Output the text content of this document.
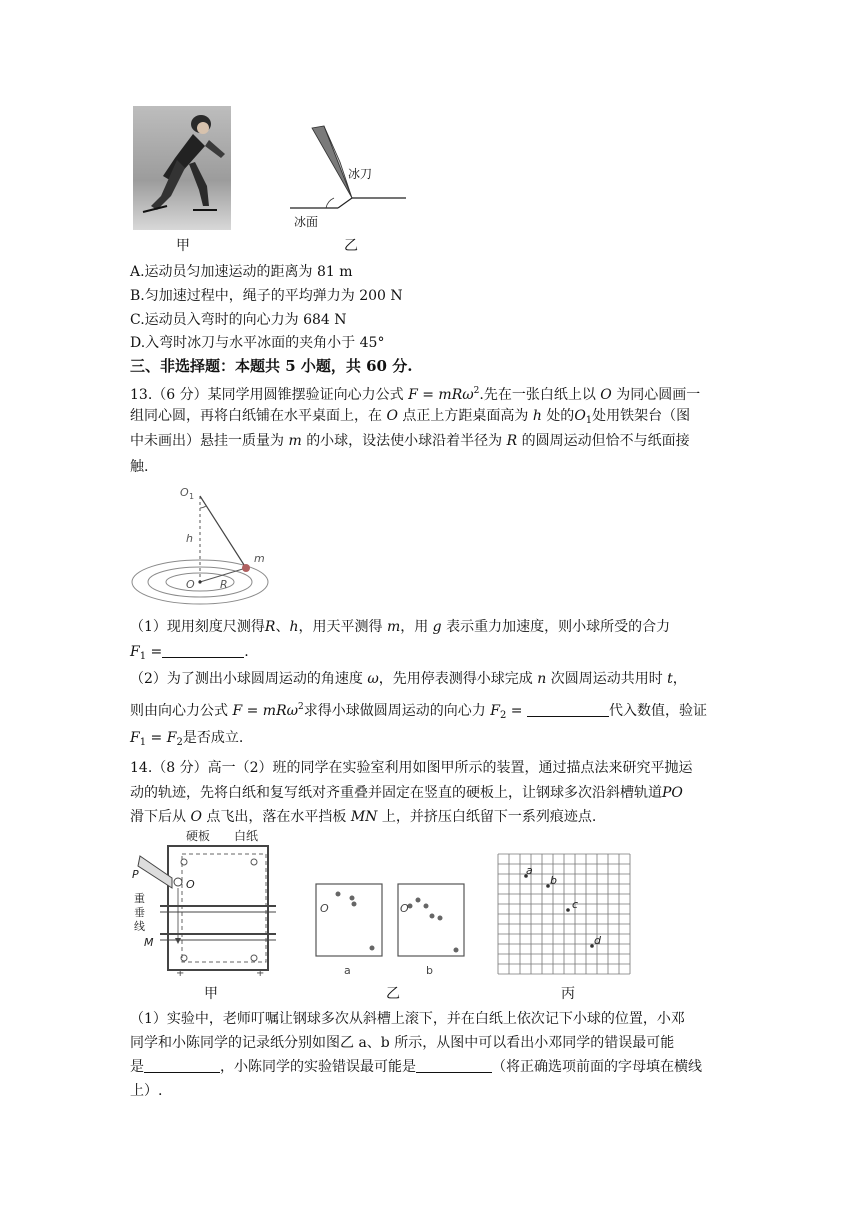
冰刀
冰面
甲	乙
A.运动员匀加速运动的距离为 81 m
B.匀加速过程中，绳子的平均弹力为 200 N
C.运动员入弯时的向心力为 684 N
D.入弯时冰刀与水平冰面的夹角小于 45°
三、非选择题：本题共 5 小题，共 60 分.
13.（6 分）某同学用圆锥摆验证向心力公式 F = mRω$^2$.先在一张白纸上以 O 为同心圆画一
组同心圆，再将白纸铺在水平桌面上，在 O 点正上方距桌面高为 h 处的$O_1$处用铁架台（图
中未画出）悬挂一质量为 m 的小球，设法使小球沿着半径为 R 的圆周运动但恰不与纸面接
触.
O 1
h
m
O R
（1）现用刻度尺测得R、h，用天平测得 m，用 g 表示重力加速度，则小球所受的合力
$F_1$ =	.
（2）为了测出小球圆周运动的角速度 ω，先用停表测得小球完成 n 次圆周运动共用时 t，
则由向心力公式 F = mRω$^2$求得小球做圆周运动的向心力 $F_2$ =	代入数值，验证
$F_1 = F_2$是否成立.
14.（8 分）高一（2）班的同学在实验室利用如图甲所示的装置，通过描点法来研究平抛运
动的轨迹，先将白纸和复写纸对齐重叠并固定在竖直的硬板上，让钢球多次沿斜槽轨道PO
滑下后从 O 点飞出，落在水平挡板 MN 上，并挤压白纸留下一系列痕迹点.
+	+
硬板 白纸
P
O
重
垂
线
M
O	O
a	b
a
b
c
d
甲	乙	丙
（1）实验中，老师叮嘱让钢球多次从斜槽上滚下，并在白纸上依次记下小球的位置，小邓
同学和小陈同学的记录纸分别如图乙 a、b 所示，从图中可以看出小邓同学的错误最可能
是	，小陈同学的实验错误最可能是	（将正确选项前面的字母填在横线
上）.
